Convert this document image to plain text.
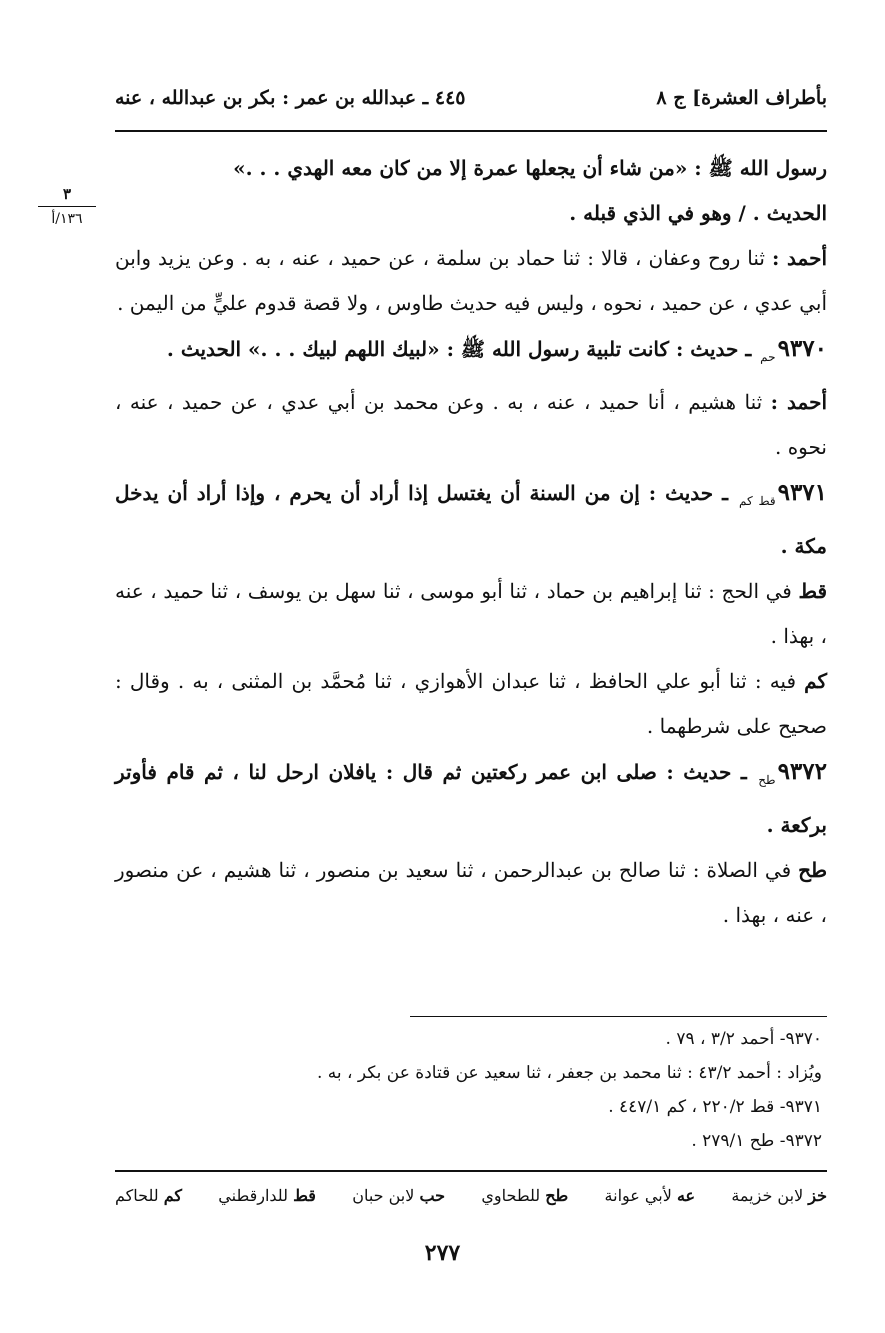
بأطراف العشرة] ج ٨
٤٤٥ ـ عبدالله بن عمر : بكر بن عبدالله ، عنه
٣
١٣٦/أ

رسول الله ﷺ : «من شاء أن يجعلها عمرة إلا من كان معه الهدي . . .»
الحديث . / وهو في الذي قبله .

أحمد : ثنا روح وعفان ، قالا : ثنا حماد بن سلمة ، عن حميد ، عنه ، به . وعن يزيد وابن أبي عدي ، عن حميد ، نحوه ، وليس فيه حديث طاوس ، ولا قصة قدوم عليٍّ من اليمن .

$٩٣٧٠_{حم}$ ـ حديث : كانت تلبية رسول الله ﷺ : «لبيك اللهم لبيك . . .» الحديث .

أحمد : ثنا هشيم ، أنا حميد ، عنه ، به . وعن محمد بن أبي عدي ، عن حميد ، عنه ، نحوه .

$٩٣٧١_{قط كم}$ ـ حديث : إن من السنة أن يغتسل إذا أراد أن يحرم ، وإذا أراد أن يدخل مكة .

قط في الحج : ثنا إبراهيم بن حماد ، ثنا أبو موسى ، ثنا سهل بن يوسف ، ثنا حميد ، عنه ، بهذا .

كم فيه : ثنا أبو علي الحافظ ، ثنا عبدان الأهوازي ، ثنا مُحمَّد بن المثنى ، به . وقال : صحيح على شرطهما .

$٩٣٧٢_{طح}$ ـ حديث : صلى ابن عمر ركعتين ثم قال : يافلان ارحل لنا ، ثم قام فأوتر بركعة .

طح في الصلاة : ثنا صالح بن عبدالرحمن ، ثنا سعيد بن منصور ، ثنا هشيم ، عن منصور ، عنه ، بهذا .

٩٣٧٠- أحمد ٣/٢ ، ٧٩ .

ويُزاد : أحمد ٤٣/٢ : ثنا محمد بن جعفر ، ثنا سعيد عن قتادة عن بكر ، به .

٩٣٧١- قط ٢٢٠/٢ ، كم ٤٤٧/١ .

٩٣٧٢- طح ٢٧٩/١ .

خز لابن خزيمة
عه لأبي عوانة
طح للطحاوي
حب لابن حبان
قط للدارقطني
كم للحاكم
٢٧٧
